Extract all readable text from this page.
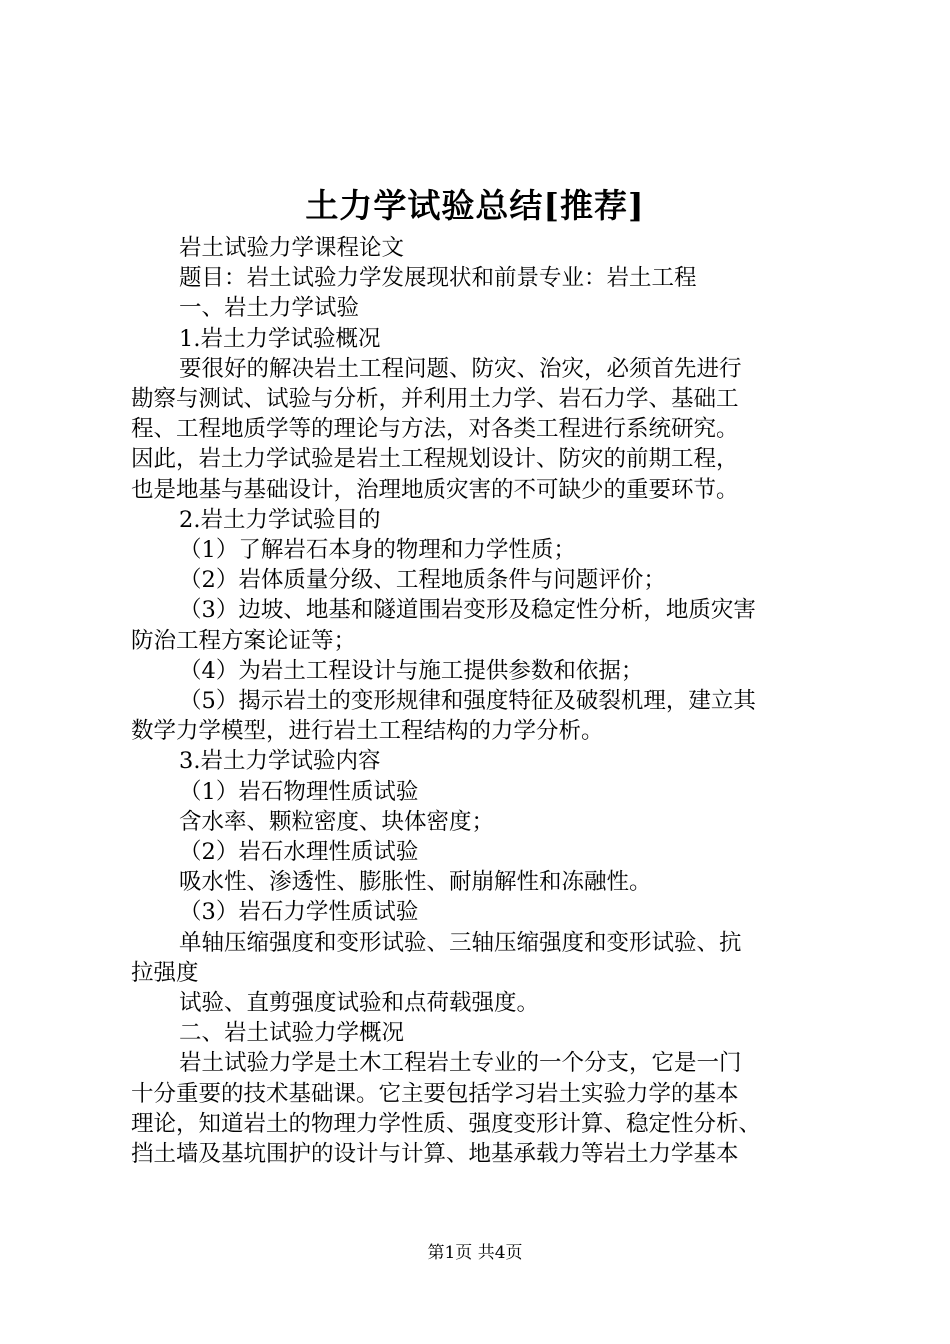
土力学试验总结[推荐]

岩土试验力学课程论文

题目：岩土试验力学发展现状和前景专业：岩土工程

一、岩土力学试验

1.岩土力学试验概况

要很好的解决岩土工程问题、防灾、治灾，必须首先进行

勘察与测试、试验与分析，并利用土力学、岩石力学、基础工

程、工程地质学等的理论与方法，对各类工程进行系统研究。

因此，岩土力学试验是岩土工程规划设计、防灾的前期工程，

也是地基与基础设计，治理地质灾害的不可缺少的重要环节。

2.岩土力学试验目的

（1）了解岩石本身的物理和力学性质；

（2）岩体质量分级、工程地质条件与问题评价；

（3）边坡、地基和隧道围岩变形及稳定性分析，地质灾害

防治工程方案论证等；

（4）为岩土工程设计与施工提供参数和依据；

（5）揭示岩土的变形规律和强度特征及破裂机理，建立其

数学力学模型，进行岩土工程结构的力学分析。

3.岩土力学试验内容

（1）岩石物理性质试验

含水率、颗粒密度、块体密度；

（2）岩石水理性质试验

吸水性、渗透性、膨胀性、耐崩解性和冻融性。

（3）岩石力学性质试验

单轴压缩强度和变形试验、三轴压缩强度和变形试验、抗

拉强度

试验、直剪强度试验和点荷载强度。

二、岩土试验力学概况

岩土试验力学是土木工程岩土专业的一个分支，它是一门

十分重要的技术基础课。它主要包括学习岩土实验力学的基本

理论，知道岩土的物理力学性质、强度变形计算、稳定性分析、

挡土墙及基坑围护的设计与计算、地基承载力等岩土力学基本

第1页 共4页
